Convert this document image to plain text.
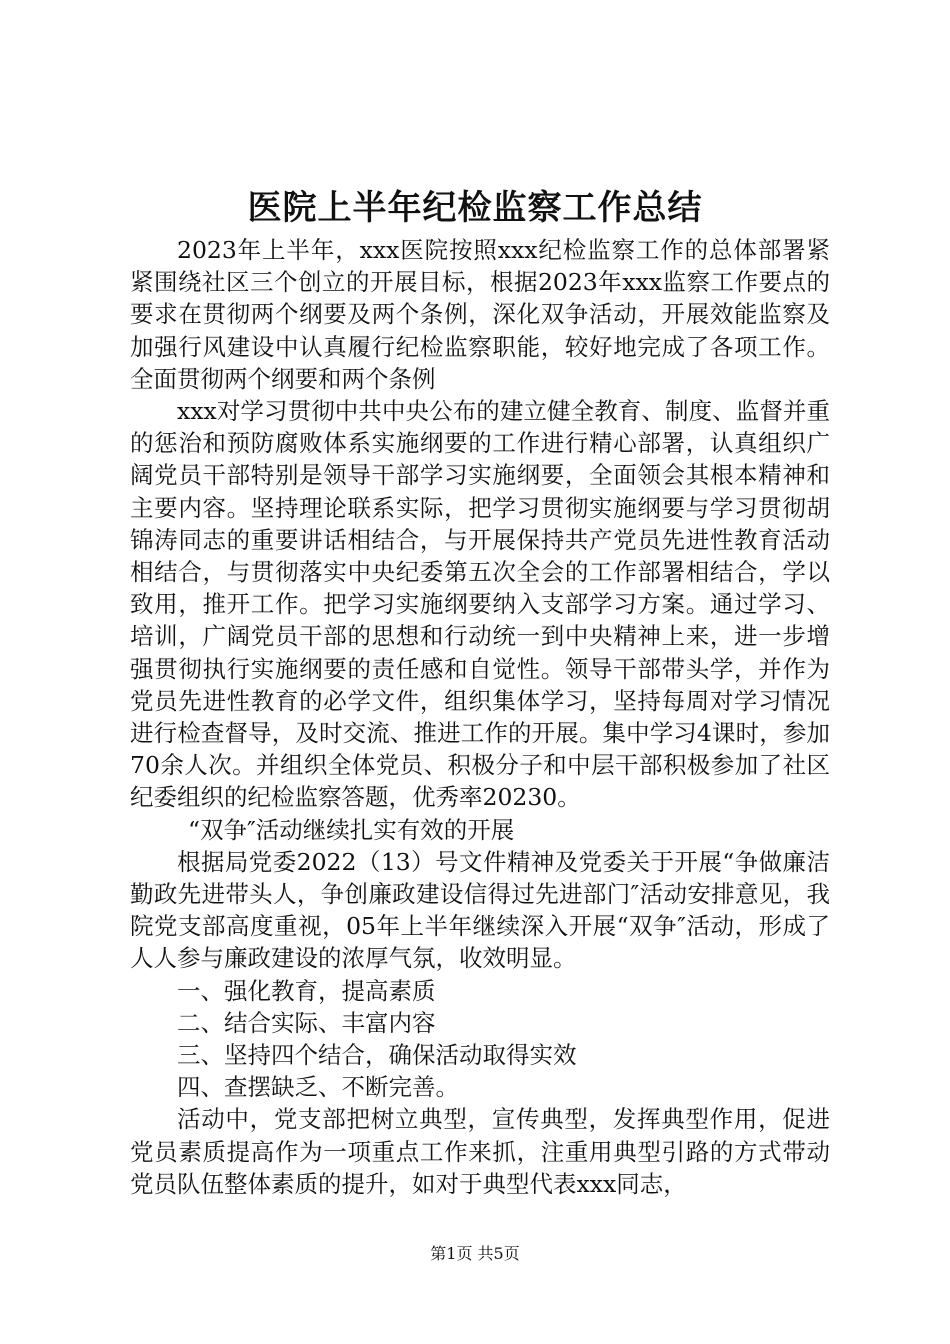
医院上半年纪检监察工作总结

2023年上半年，xxx医院按照xxx纪检监察工作的总体部署紧紧围绕社区三个创立的开展目标，根据2023年xxx监察工作要点的要求在贯彻两个纲要及两个条例，深化双争活动，开展效能监察及加强行风建设中认真履行纪检监察职能，较好地完成了各项工作。全面贯彻两个纲要和两个条例

xxx对学习贯彻中共中央公布的建立健全教育、制度、监督并重的惩治和预防腐败体系实施纲要的工作进行精心部署，认真组织广阔党员干部特别是领导干部学习实施纲要，全面领会其根本精神和主要内容。坚持理论联系实际，把学习贯彻实施纲要与学习贯彻胡锦涛同志的重要讲话相结合，与开展保持共产党员先进性教育活动相结合，与贯彻落实中央纪委第五次全会的工作部署相结合，学以致用，推开工作。把学习实施纲要纳入支部学习方案。通过学习、培训，广阔党员干部的思想和行动统一到中央精神上来，进一步增强贯彻执行实施纲要的责任感和自觉性。领导干部带头学，并作为党员先进性教育的必学文件，组织集体学习，坚持每周对学习情况进行检查督导，及时交流、推进工作的开展。集中学习4课时，参加70余人次。并组织全体党员、积极分子和中层干部积极参加了社区纪委组织的纪检监察答题，优秀率20230。

“双争″活动继续扎实有效的开展

根据局党委2022（13）号文件精神及党委关于开展“争做廉洁勤政先进带头人，争创廉政建设信得过先进部门″活动安排意见，我院党支部高度重视，05年上半年继续深入开展“双争″活动，形成了人人参与廉政建设的浓厚气氛，收效明显。

一、强化教育，提高素质

二、结合实际、丰富内容

三、坚持四个结合，确保活动取得实效

四、查摆缺乏、不断完善。

活动中，党支部把树立典型，宣传典型，发挥典型作用，促进党员素质提高作为一项重点工作来抓，注重用典型引路的方式带动党员队伍整体素质的提升，如对于典型代表xxx同志，

第1页 共5页
